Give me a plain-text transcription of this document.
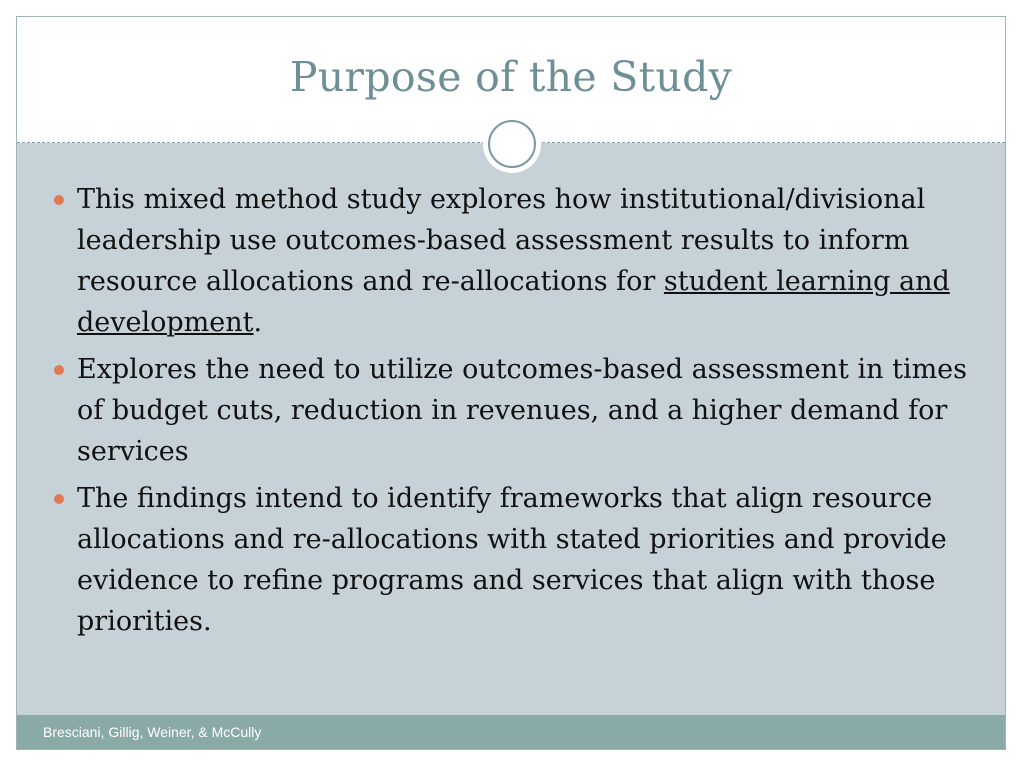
Purpose of the Study
This mixed method study explores how institutional/divisional leadership use outcomes-based assessment results to inform resource allocations and re-allocations for student learning and development.
Explores the need to utilize outcomes-based assessment in times of budget cuts, reduction in revenues, and a higher demand for services
The findings intend to identify frameworks that align resource allocations and re-allocations with stated priorities and provide evidence to refine programs and services that align with those priorities.
Bresciani, Gillig, Weiner, & McCully
